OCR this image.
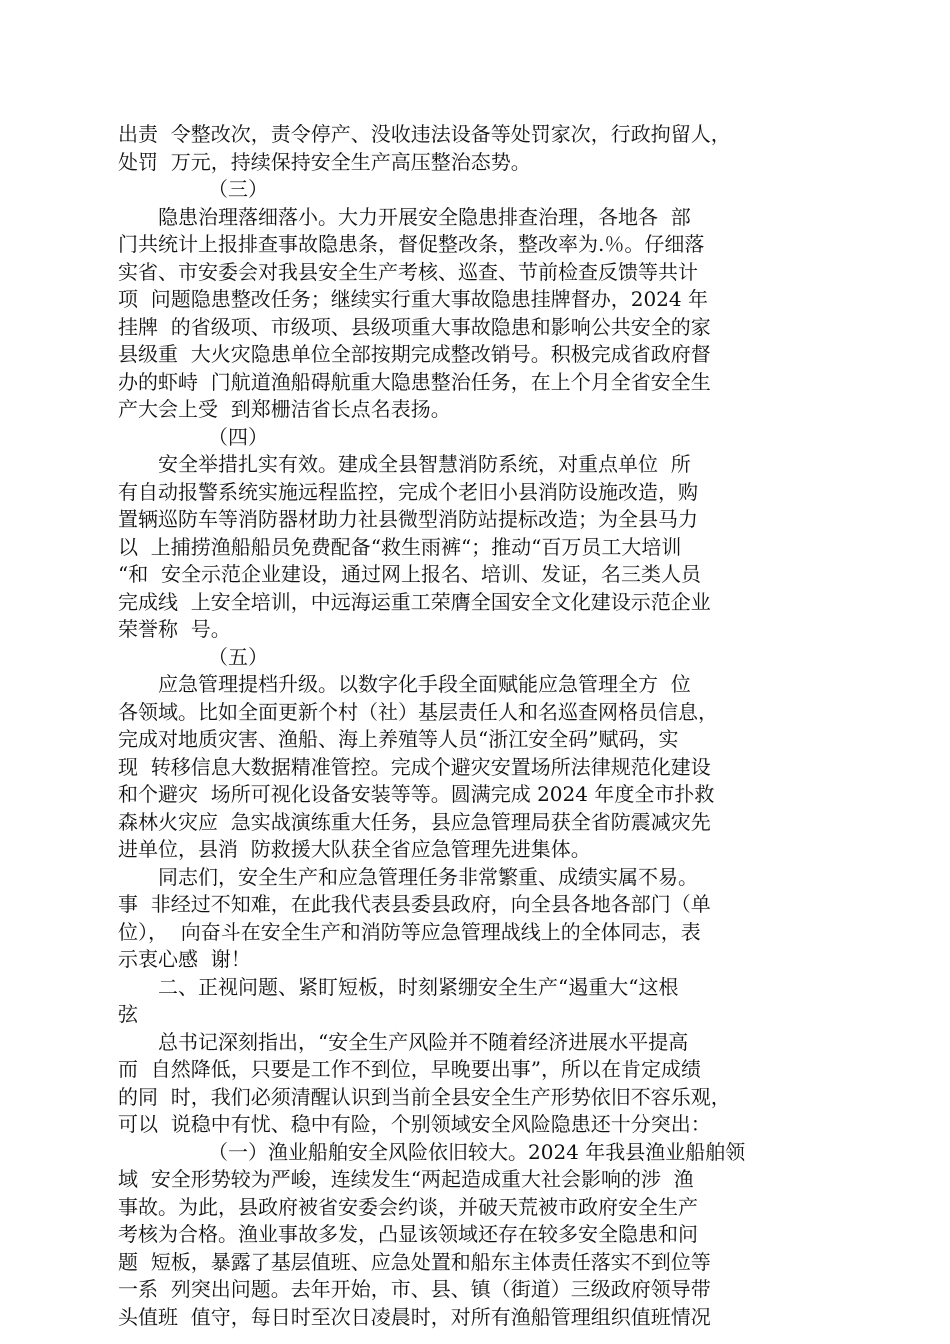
出责  令整改次，责令停产、没收违法设备等处罚家次，行政拘留人，
处罚  万元，持续保持安全生产高压整治态势。
（三）
隐患治理落细落小。大力开展安全隐患排查治理，各地各  部
门共统计上报排查事故隐患条，督促整改条，整改率为.％。仔细落
实省、市安委会对我县安全生产考核、巡查、节前检查反馈等共计
项  问题隐患整改任务；继续实行重大事故隐患挂牌督办，2024 年
挂牌  的省级项、市级项、县级项重大事故隐患和影响公共安全的家
县级重  大火灾隐患单位全部按期完成整改销号。积极完成省政府督
办的虾峙  门航道渔船碍航重大隐患整治任务，在上个月全省安全生
产大会上受  到郑栅洁省长点名表扬。
（四）
安全举措扎实有效。建成全县智慧消防系统，对重点单位  所
有自动报警系统实施远程监控，完成个老旧小县消防设施改造，购
置辆巡防车等消防器材助力社县微型消防站提标改造；为全县马力
以  上捕捞渔船船员免费配备“救生雨裤“；推动“百万员工大培训
“和  安全示范企业建设，通过网上报名、培训、发证，名三类人员
完成线  上安全培训，中远海运重工荣膺全国安全文化建设示范企业
荣誉称  号。
（五）
应急管理提档升级。以数字化手段全面赋能应急管理全方  位
各领域。比如全面更新个村（社）基层责任人和名巡查网格员信息，
完成对地质灾害、渔船、海上养殖等人员“浙江安全码”赋码，实
现  转移信息大数据精准管控。完成个避灾安置场所法律规范化建设
和个避灾  场所可视化设备安装等等。圆满完成 2024 年度全市扑救
森林火灾应  急实战演练重大任务，县应急管理局获全省防震减灾先
进单位，县消  防救援大队获全省应急管理先进集体。
同志们，安全生产和应急管理任务非常繁重、成绩实属不易。
事  非经过不知难，在此我代表县委县政府，向全县各地各部门（单
位），  向奋斗在安全生产和消防等应急管理战线上的全体同志，表
示衷心感  谢！
二、正视问题、紧盯短板，时刻紧绷安全生产“遏重大“这根
弦
总书记深刻指出，“安全生产风险并不随着经济进展水平提高
而  自然降低，只要是工作不到位，早晚要出事”，所以在肯定成绩
的同  时，我们必须清醒认识到当前全县安全生产形势依旧不容乐观，
可以  说稳中有忧、稳中有险，个别领域安全风险隐患还十分突出：
（一）渔业船舶安全风险依旧较大。2024 年我县渔业船舶领
域  安全形势较为严峻，连续发生“两起造成重大社会影响的涉  渔
事故。为此，县政府被省安委会约谈，并破天荒被市政府安全生产
考核为合格。渔业事故多发，凸显该领域还存在较多安全隐患和问
题  短板，暴露了基层值班、应急处置和船东主体责任落实不到位等
一系  列突出问题。去年开始，市、县、镇（街道）三级政府领导带
头值班  值守，每日时至次日凌晨时，对所有渔船管理组织值班情况
